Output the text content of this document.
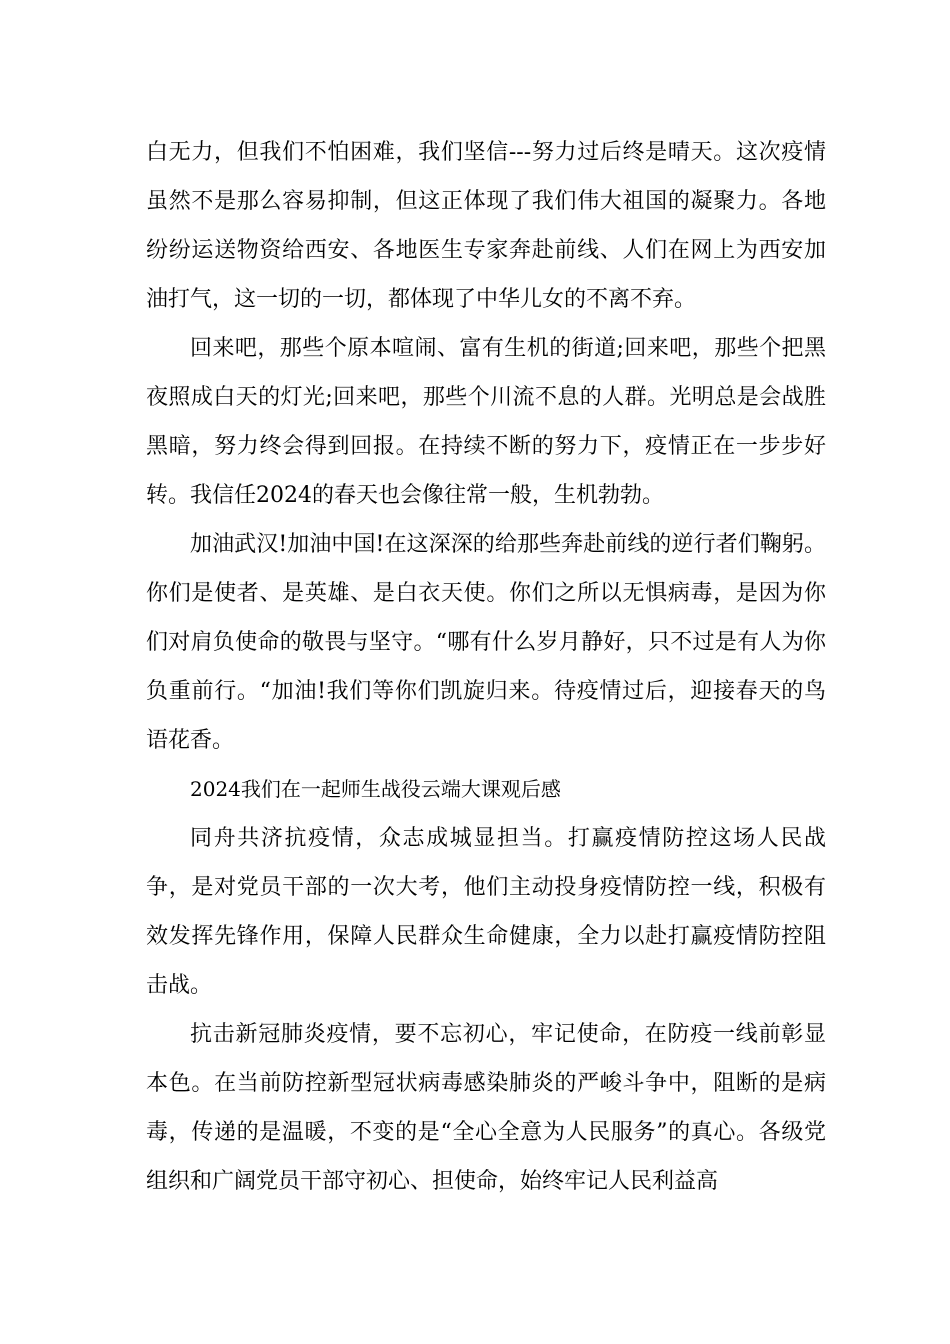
白无力，但我们不怕困难，我们坚信---努力过后终是晴天。这次疫情虽然不是那么容易抑制，但这正体现了我们伟大祖国的凝聚力。各地纷纷运送物资给西安、各地医生专家奔赴前线、人们在网上为西安加油打气，这一切的一切，都体现了中华儿女的不离不弃。

回来吧，那些个原本喧闹、富有生机的街道;回来吧，那些个把黑夜照成白天的灯光;回来吧，那些个川流不息的人群。光明总是会战胜黑暗，努力终会得到回报。在持续不断的努力下，疫情正在一步步好转。我信任2024的春天也会像往常一般，生机勃勃。

加油武汉!加油中国!在这深深的给那些奔赴前线的逆行者们鞠躬。你们是使者、是英雄、是白衣天使。你们之所以无惧病毒，是因为你们对肩负使命的敬畏与坚守。“哪有什么岁月静好，只不过是有人为你负重前行。“加油!我们等你们凯旋归来。待疫情过后，迎接春天的鸟语花香。

2024我们在一起师生战役云端大课观后感

同舟共济抗疫情，众志成城显担当。打赢疫情防控这场人民战争，是对党员干部的一次大考，他们主动投身疫情防控一线，积极有效发挥先锋作用，保障人民群众生命健康，全力以赴打赢疫情防控阻击战。

抗击新冠肺炎疫情，要不忘初心，牢记使命，在防疫一线前彰显本色。在当前防控新型冠状病毒感染肺炎的严峻斗争中，阻断的是病毒，传递的是温暖，不变的是“全心全意为人民服务”的真心。各级党组织和广阔党员干部守初心、担使命，始终牢记人民利益高
